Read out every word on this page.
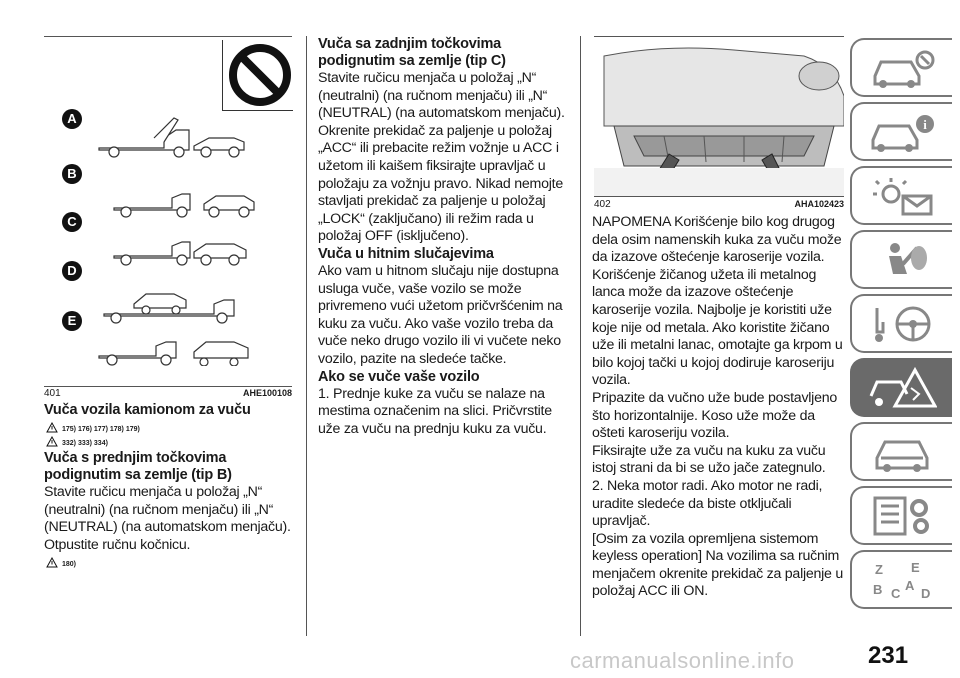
A
B
C
D
E
401	AHE100108
Vuča vozila kamionom za vuču
175) 176) 177) 178) 179)
332) 333) 334)
Vuča s prednjim točkovima podignutim sa zemlje (tip B)

Stavite ručicu menjača u položaj „N“ (neutralni) (na ručnom menjaču) ili „N“ (NEUTRAL) (na automatskom menjaču). Otpustite ručnu kočnicu.

180)
Vuča sa zadnjim točkovima podignutim sa zemlje (tip C)

Stavite ručicu menjača u položaj „N“ (neutralni) (na ručnom menjaču) ili „N“ (NEUTRAL) (na automatskom menjaču). Okrenite prekidač za paljenje u položaj „ACC“ ili prebacite režim vožnje u ACC i užetom ili kaišem fiksirajte upravljač u položaju za vožnju pravo. Nikad nemojte stavljati prekidač za paljenje u položaj „LOCK“ (zaključano) ili režim rada u položaj OFF (isključeno).

Vuča u hitnim slučajevima

Ako vam u hitnom slučaju nije dostupna usluga vuče, vaše vozilo se može privremeno vući užetom pričvršćenim na kuku za vuču. Ako vaše vozilo treba da vuče neko drugo vozilo ili vi vučete neko vozilo, pazite na sledeće tačke.

Ako se vuče vaše vozilo

1. Prednje kuke za vuču se nalaze na mestima označenim na slici. Pričvrstite uže za vuču na prednju kuku za vuču.

402	AHA102423

NAPOMENA Korišćenje bilo kog drugog dela osim namenskih kuka za vuču može da izazove oštećenje karoserije vozila.

Korišćenje žičanog užeta ili metalnog lanca može da izazove oštećenje karoserije vozila. Najbolje je koristiti uže koje nije od metala. Ako koristite žičano uže ili metalni lanac, omotajte ga krpom u bilo kojoj tački u kojoj dodiruje karoseriju vozila.

Pripazite da vučno uže bude postavljeno što horizontalnije. Koso uže može da ošteti karoseriju vozila.

Fiksirajte uže za vuču na kuku za vuču istoj strani da bi se užo jače zategnulo.

2. Neka motor radi. Ako motor ne radi, uradite sledeće da biste otključali upravljač.

[Osim za vozila opremljena sistemom keyless operation] Na vozilima sa ručnim menjačem okrenite prekidač za paljenje u položaj ACC ili ON.

i
Z E
B C
A
D
231
carmanualsonline.info
